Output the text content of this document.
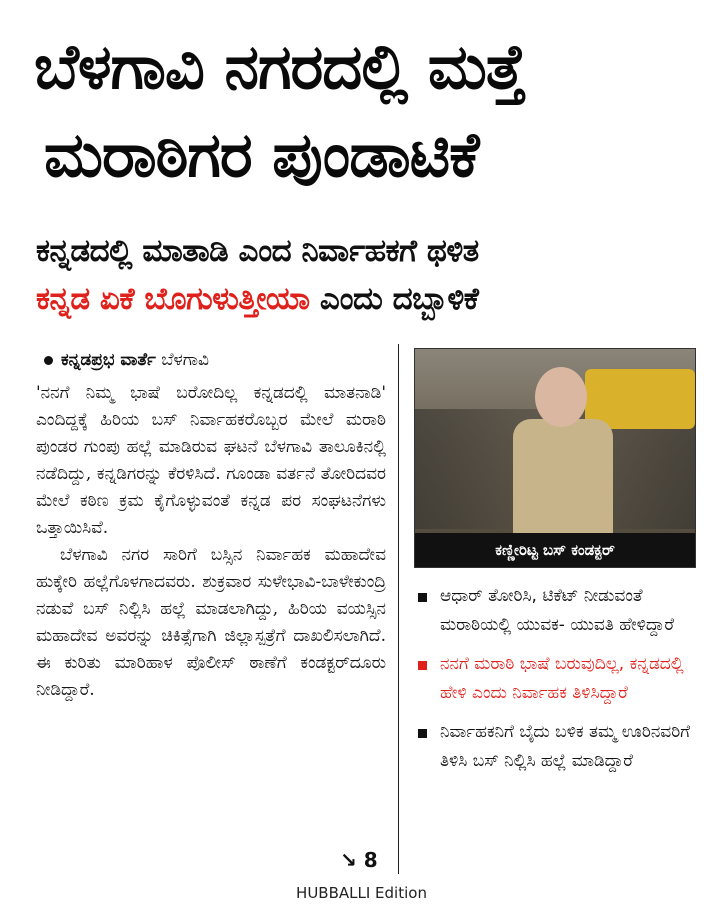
ಬೆಳಗಾವಿ ನಗರದಲ್ಲಿ ಮತ್ತೆ
ಮರಾಠಿಗರ ಪುಂಡಾಟಿಕೆ
ಕನ್ನಡದಲ್ಲಿ ಮಾತಾಡಿ ಎಂದ ನಿರ್ವಾಹಕಗೆ ಥಳಿತ
ಕನ್ನಡ ಏಕೆ ಬೊಗುಳುತ್ತೀಯಾ ಎಂದು ದಬ್ಬಾಳಿಕೆ
ಕನ್ನಡಪ್ರಭ ವಾರ್ತೆ ಬೆಳಗಾವಿ

'ನನಗೆ ನಿಮ್ಮ ಭಾಷೆ ಬರೋದಿಲ್ಲ ಕನ್ನಡದಲ್ಲಿ ಮಾತನಾಡಿ' ಎಂದಿದ್ದಕ್ಕೆ ಹಿರಿಯ ಬಸ್ ನಿರ್ವಾಹಕರೊಬ್ಬರ ಮೇಲೆ ಮರಾಠಿ ಪುಂಡರ ಗುಂಪು ಹಲ್ಲೆ ಮಾಡಿರುವ ಘಟನೆ ಬೆಳಗಾವಿ ತಾಲೂಕಿನಲ್ಲಿ ನಡೆದಿದ್ದು, ಕನ್ನಡಿಗರನ್ನು ಕೆರಳಿಸಿದೆ. ಗೂಂಡಾ ವರ್ತನೆ ತೋರಿದವರ ಮೇಲೆ ಕಠಿಣ ಕ್ರಮ ಕೈಗೊಳ್ಳುವಂತೆ ಕನ್ನಡ ಪರ ಸಂಘಟನೆಗಳು ಒತ್ತಾಯಿಸಿವೆ.

ಬೆಳಗಾವಿ ನಗರ ಸಾರಿಗೆ ಬಸ್ಸಿನ ನಿರ್ವಾಹಕ ಮಹಾದೇವ ಹುಕ್ಕೇರಿ ಹಲ್ಲೆಗೊಳಗಾದವರು. ಶುಕ್ರವಾರ ಸುಳೇಭಾವಿ-ಬಾಳೇಕುಂದ್ರಿ ನಡುವೆ ಬಸ್ ನಿಲ್ಲಿಸಿ ಹಲ್ಲೆ ಮಾಡಲಾಗಿದ್ದು, ಹಿರಿಯ ವಯಸ್ಸಿನ ಮಹಾದೇವ ಅವರನ್ನು ಚಿಕಿತ್ಸೆಗಾಗಿ ಜಿಲ್ಲಾಸ್ಪತ್ರೆಗೆ ದಾಖಲಿಸಲಾಗಿದೆ. ಈ ಕುರಿತು ಮಾರಿಹಾಳ ಪೊಲೀಸ್ ಠಾಣೆಗೆ ಕಂಡಕ್ಟರ್‌ದೂರು ನೀಡಿದ್ದಾರೆ.

↘ 8
ಕಣ್ಣೀರಿಟ್ಟ ಬಸ್ ಕಂಡಕ್ಟರ್
ಆಧಾರ್ ತೋರಿಸಿ, ಟಿಕೆಟ್ ನೀಡುವಂತೆ ಮರಾಠಿಯಲ್ಲಿ ಯುವಕ- ಯುವತಿ ಹೇಳಿದ್ದಾರೆ
ನನಗೆ ಮರಾಠಿ ಭಾಷೆ ಬರುವುದಿಲ್ಲ, ಕನ್ನಡದಲ್ಲಿ ಹೇಳಿ ಎಂದು ನಿರ್ವಾಹಕ ತಿಳಿಸಿದ್ದಾರೆ
ನಿರ್ವಾಹಕನಿಗೆ ಬೈದು ಬಳಿಕ ತಮ್ಮ ಊರಿನವರಿಗೆ ತಿಳಿಸಿ ಬಸ್ ನಿಲ್ಲಿಸಿ ಹಲ್ಲೆ ಮಾಡಿದ್ದಾರೆ
HUBBALLI Edition
